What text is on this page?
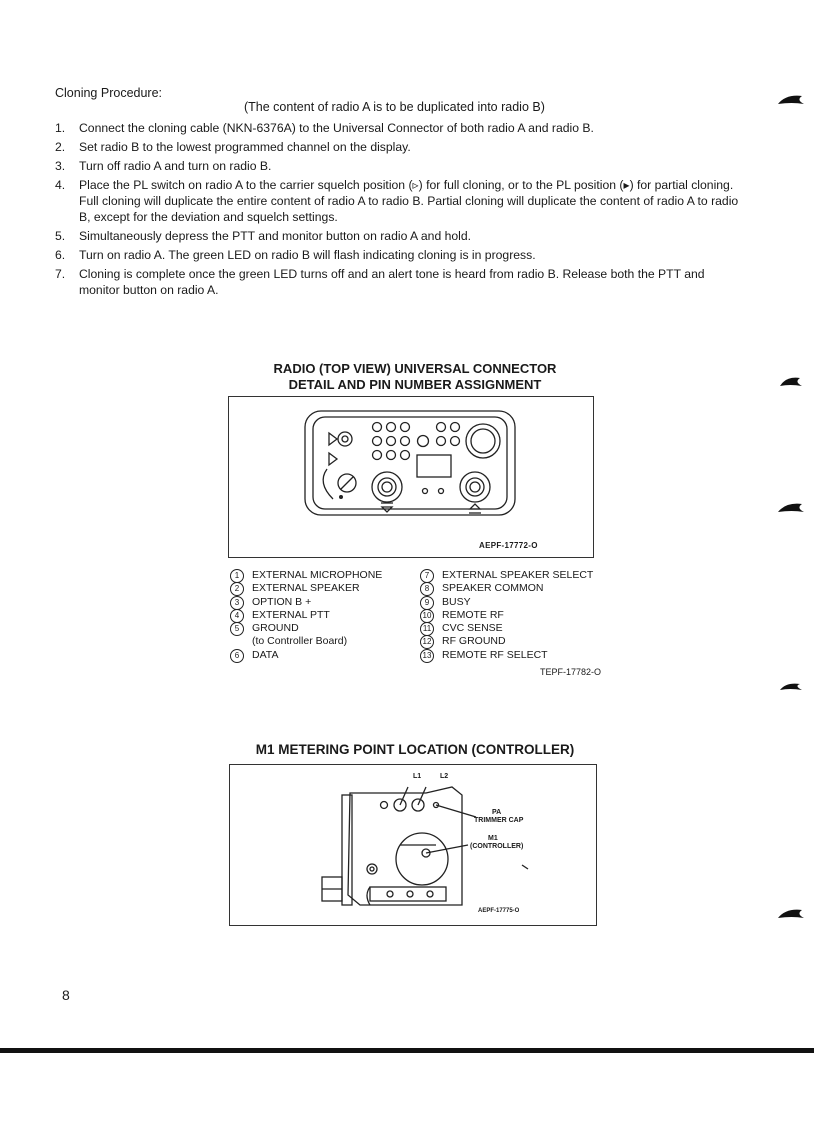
Cloning Procedure:
(The content of radio A is to be duplicated into radio B)
1. Connect the cloning cable (NKN-6376A) to the Universal Connector of both radio A and radio B.
2. Set radio B to the lowest programmed channel on the display.
3. Turn off radio A and turn on radio B.
4. Place the PL switch on radio A to the carrier squelch position (▹) for full cloning, or to the PL position (▸) for partial cloning. Full cloning will duplicate the entire content of radio A to radio B. Partial cloning will duplicate the content of radio A to radio B, except for the deviation and squelch settings.
5. Simultaneously depress the PTT and monitor button on radio A and hold.
6. Turn on radio A. The green LED on radio B will flash indicating cloning is in progress.
7. Cloning is complete once the green LED turns off and an alert tone is heard from radio B. Release both the PTT and monitor button on radio A.
RADIO (TOP VIEW) UNIVERSAL CONNECTOR
DETAIL AND PIN NUMBER ASSIGNMENT
AEPF-17772-O
1	EXTERNAL MICROPHONE
2	EXTERNAL SPEAKER
3	OPTION B +
4	EXTERNAL PTT
5	GROUND
(to Controller Board)
6	DATA
7	EXTERNAL SPEAKER SELECT
8	SPEAKER COMMON
9	BUSY
10 REMOTE RF
11 CVC SENSE
12 RF GROUND
13 REMOTE RF SELECT
TEPF-17782-O
M1 METERING POINT LOCATION (CONTROLLER)
L1	L2
PA
TRIMMER CAP
M1
(CONTROLLER)
AEPF-17775-O
8
